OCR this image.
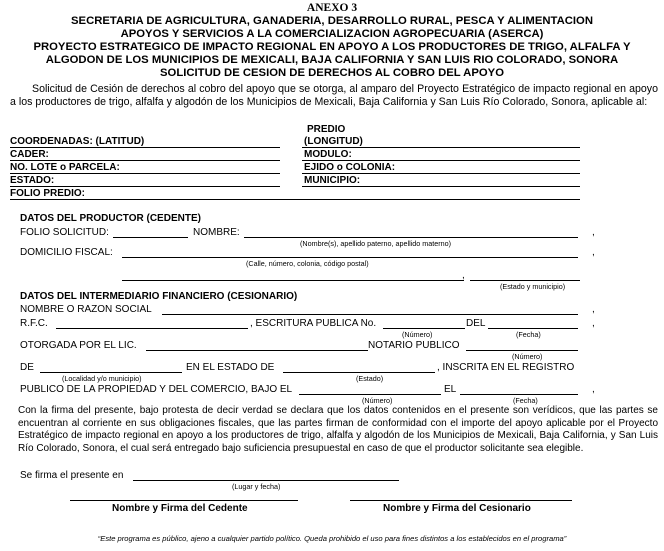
ANEXO 3
SECRETARIA DE AGRICULTURA, GANADERIA, DESARROLLO RURAL, PESCA Y ALIMENTACION
APOYOS Y SERVICIOS A LA COMERCIALIZACION AGROPECUARIA (ASERCA)
PROYECTO ESTRATEGICO DE IMPACTO REGIONAL EN APOYO A LOS PRODUCTORES DE TRIGO, ALFALFA Y
ALGODON DE LOS MUNICIPIOS DE MEXICALI, BAJA CALIFORNIA Y SAN LUIS RIO COLORADO, SONORA
SOLICITUD DE CESION DE DERECHOS AL COBRO DEL APOYO
Solicitud de Cesión de derechos al cobro del apoyo que se otorga, al amparo del Proyecto Estratégico de impacto regional en apoyo a los productores de trigo, alfalfa y algodón de los Municipios de Mexicali, Baja California y San Luis Río Colorado, Sonora, aplicable al:
PREDIO
COORDENADAS: (LATITUD)	(LONGITUD)
CADER:	MODULO:
NO. LOTE o PARCELA:	EJIDO o COLONIA:
ESTADO:	MUNICIPIO:
FOLIO PREDIO:
DATOS DEL PRODUCTOR (CEDENTE)
FOLIO SOLICITUD:	NOMBRE:	,
(Nombre(s), apellido paterno, apellido materno)
DOMICILIO FISCAL:	,
(Calle, número, colonia, código postal)
,
(Estado y municipio)
DATOS DEL INTERMEDIARIO FINANCIERO (CESIONARIO)
NOMBRE O RAZON SOCIAL	,
R.F.C.	, ESCRITURA PUBLICA No.	DEL	,
(Número)	(Fecha)
OTORGADA POR EL LIC.	NOTARIO PUBLICO
(Número)
DE	EN EL ESTADO DE	, INSCRITA EN EL REGISTRO
(Localidad y/o municipio)	(Estado)
PUBLICO DE LA PROPIEDAD Y DEL COMERCIO, BAJO EL	EL	,
(Número)	(Fecha)
Con la firma del presente, bajo protesta de decir verdad se declara que los datos contenidos en el presente son verídicos, que las partes se encuentran al corriente en sus obligaciones fiscales, que las partes firman de conformidad con el importe del apoyo aplicable por el Proyecto Estratégico de impacto regional en apoyo a los productores de trigo, alfalfa y algodón de los Municipios de Mexicali, Baja California, y San Luis Río Colorado, Sonora, el cual será entregado bajo suficiencia presupuestal en caso de que el productor solicitante sea elegible.
Se firma el presente en
(Lugar y fecha)
Nombre y Firma del Cedente	Nombre y Firma del Cesionario
“Este programa es público, ajeno a cualquier partido político. Queda prohibido el uso para fines distintos a los establecidos en el programa”
